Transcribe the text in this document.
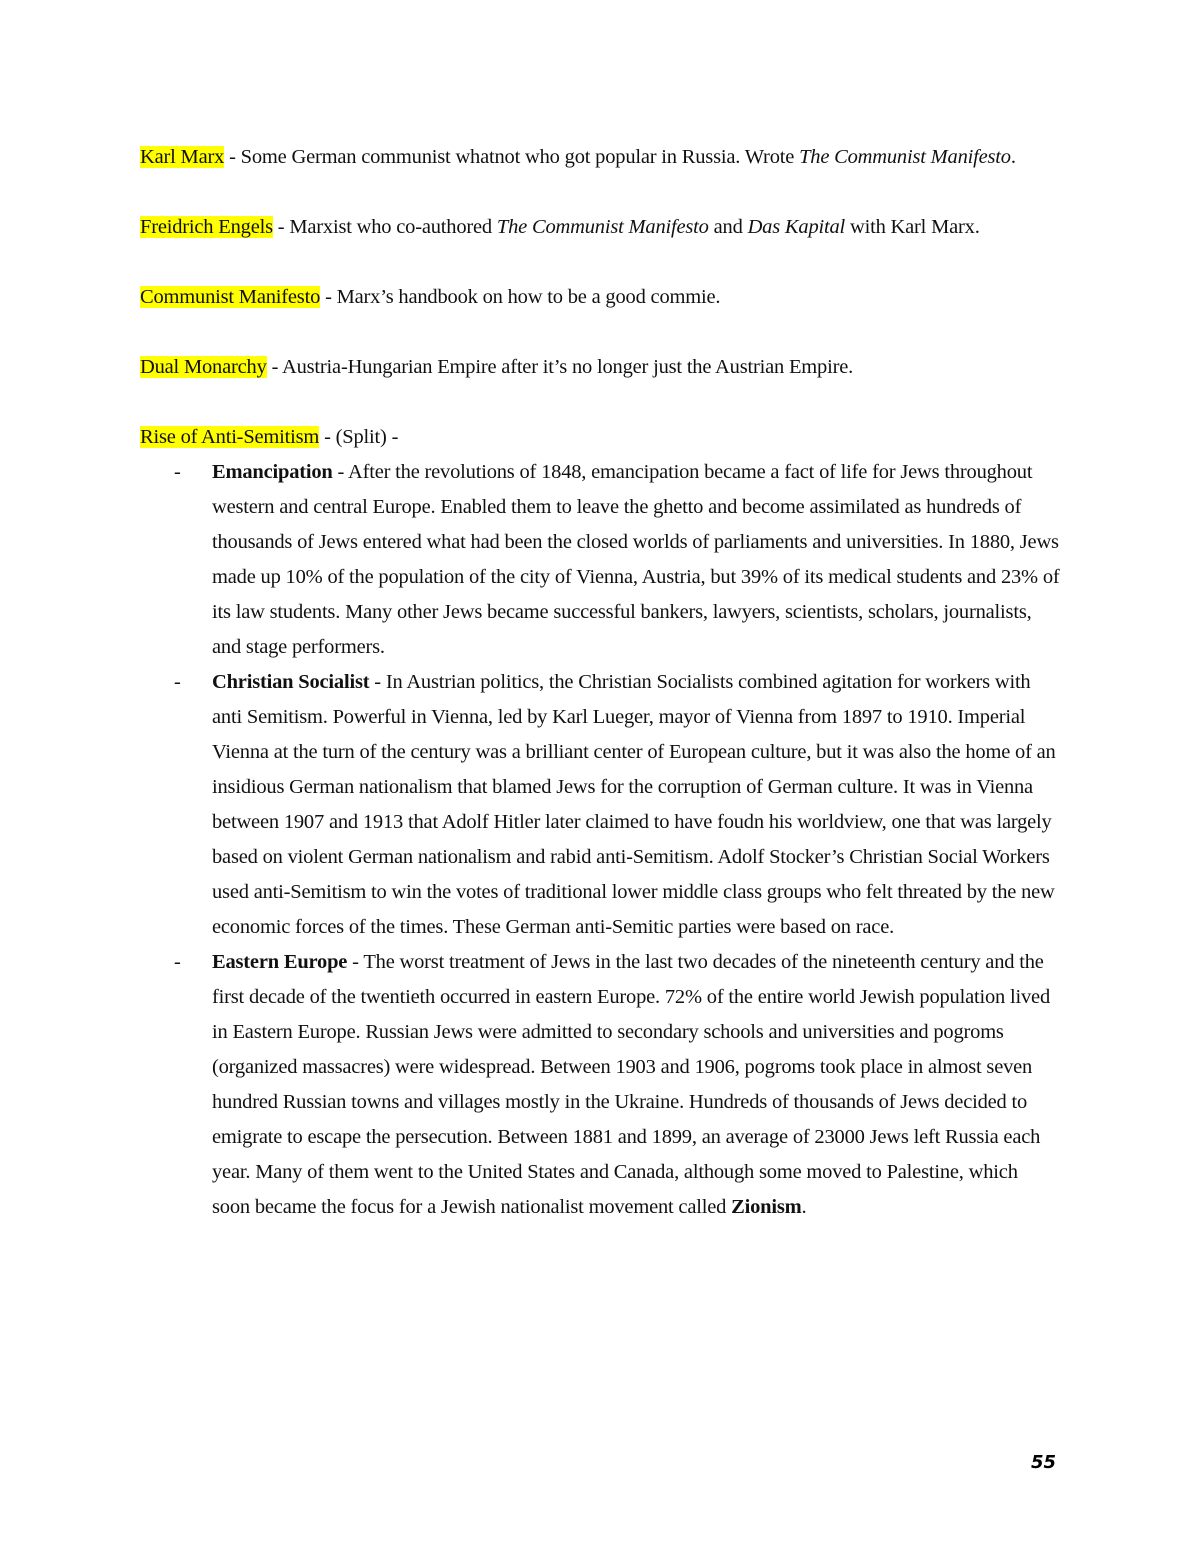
Karl Marx - Some German communist whatnot who got popular in Russia. Wrote The Communist Manifesto.

Freidrich Engels - Marxist who co-authored The Communist Manifesto and Das Kapital with Karl Marx.

Communist Manifesto - Marx’s handbook on how to be a good commie.

Dual Monarchy - Austria-Hungarian Empire after it’s no longer just the Austrian Empire.

Rise of Anti-Semitism - (Split) -

- Emancipation - After the revolutions of 1848, emancipation became a fact of life for Jews throughout western and central Europe. Enabled them to leave the ghetto and become assimilated as hundreds of thousands of Jews entered what had been the closed worlds of parliaments and universities. In 1880, Jews made up 10% of the population of the city of Vienna, Austria, but 39% of its medical students and 23% of its law students. Many other Jews became successful bankers, lawyers, scientists, scholars, journalists, and stage performers.
- Christian Socialist - In Austrian politics, the Christian Socialists combined agitation for workers with anti Semitism. Powerful in Vienna, led by Karl Lueger, mayor of Vienna from 1897 to 1910. Imperial Vienna at the turn of the century was a brilliant center of European culture, but it was also the home of an insidious German nationalism that blamed Jews for the corruption of German culture. It was in Vienna between 1907 and 1913 that Adolf Hitler later claimed to have foudn his worldview, one that was largely based on violent German nationalism and rabid anti-Semitism. Adolf Stocker’s Christian Social Workers used anti-Semitism to win the votes of traditional lower middle class groups who felt threated by the new economic forces of the times. These German anti-Semitic parties were based on race.
- Eastern Europe - The worst treatment of Jews in the last two decades of the nineteenth century and the first decade of the twentieth occurred in eastern Europe. 72% of the entire world Jewish population lived in Eastern Europe. Russian Jews were admitted to secondary schools and universities and pogroms (organized massacres) were widespread. Between 1903 and 1906, pogroms took place in almost seven hundred Russian towns and villages mostly in the Ukraine. Hundreds of thousands of Jews decided to emigrate to escape the persecution. Between 1881 and 1899, an average of 23000 Jews left Russia each year. Many of them went to the United States and Canada, although some moved to Palestine, which soon became the focus for a Jewish nationalist movement called Zionism.
55
